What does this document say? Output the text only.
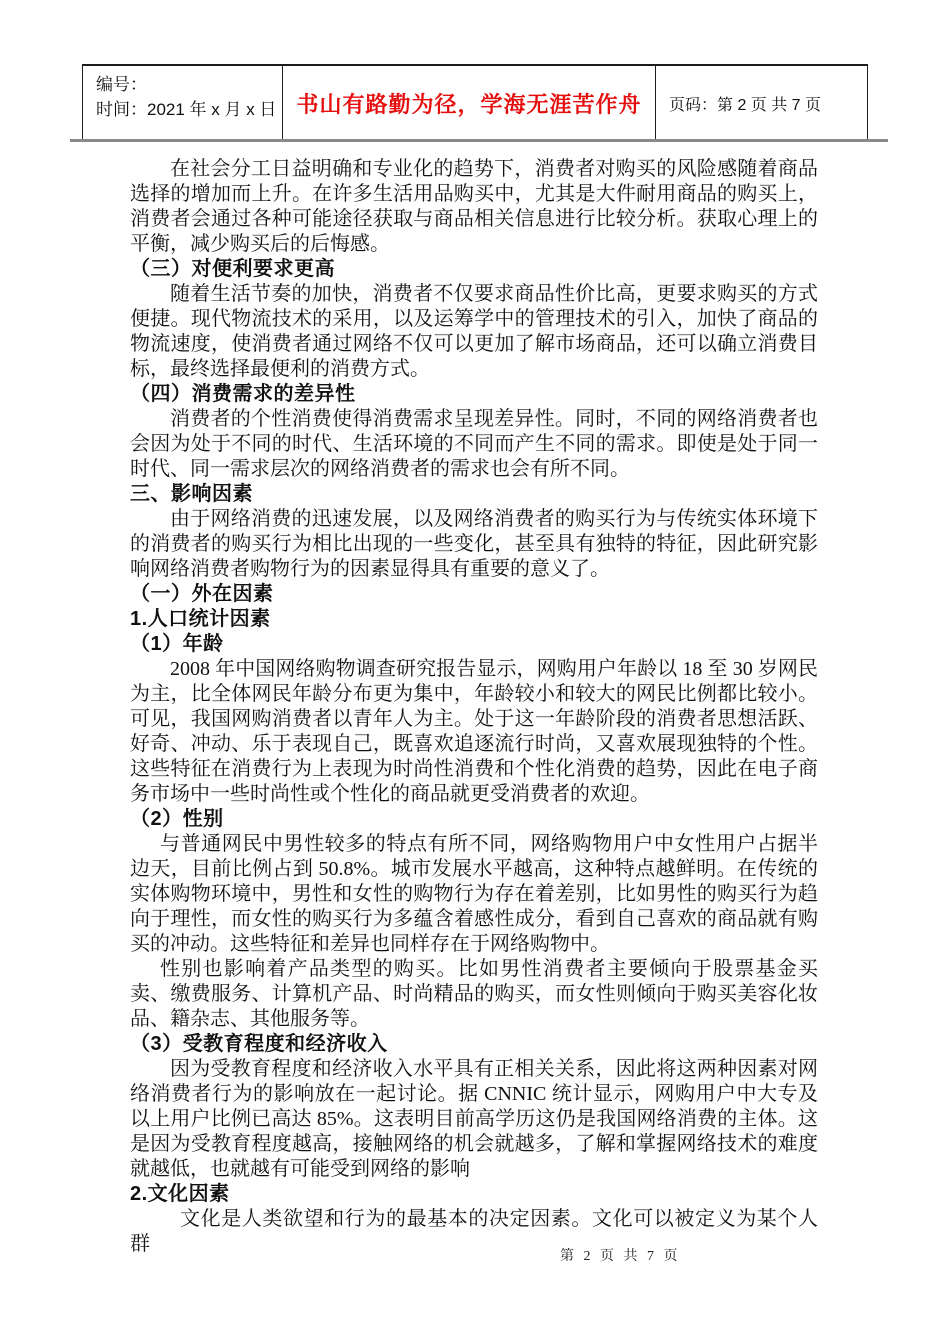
编号：
时间：2021 年 x 月 x 日 书山有路勤为径，学海无涯苦作舟 页码：第 2 页 共 7 页

在社会分工日益明确和专业化的趋势下，消费者对购买的风险感随着商品选择的增加而上升。在许多生活用品购买中，尤其是大件耐用商品的购买上，消费者会通过各种可能途径获取与商品相关信息进行比较分析。获取心理上的平衡，减少购买后的后悔感。

（三）对便利要求更高

随着生活节奏的加快，消费者不仅要求商品性价比高，更要求购买的方式便捷。现代物流技术的采用，以及运筹学中的管理技术的引入，加快了商品的物流速度，使消费者通过网络不仅可以更加了解市场商品，还可以确立消费目标，最终选择最便利的消费方式。

（四）消费需求的差异性

消费者的个性消费使得消费需求呈现差异性。同时，不同的网络消费者也会因为处于不同的时代、生活环境的不同而产生不同的需求。即使是处于同一时代、同一需求层次的网络消费者的需求也会有所不同。

三、影响因素

由于网络消费的迅速发展，以及网络消费者的购买行为与传统实体环境下的消费者的购买行为相比出现的一些变化，甚至具有独特的特征，因此研究影响网络消费者购物行为的因素显得具有重要的意义了。

（一）外在因素
1.人口统计因素
（1）年龄

2008 年中国网络购物调查研究报告显示，网购用户年龄以 18 至 30 岁网民为主，比全体网民年龄分布更为集中，年龄较小和较大的网民比例都比较小。可见，我国网购消费者以青年人为主。处于这一年龄阶段的消费者思想活跃、好奇、冲动、乐于表现自己，既喜欢追逐流行时尚，又喜欢展现独特的个性。这些特征在消费行为上表现为时尚性消费和个性化消费的趋势，因此在电子商务市场中一些时尚性或个性化的商品就更受消费者的欢迎。

（2）性别

与普通网民中男性较多的特点有所不同，网络购物用户中女性用户占据半边天，目前比例占到 50.8%。城市发展水平越高，这种特点越鲜明。在传统的实体购物环境中，男性和女性的购物行为存在着差别，比如男性的购买行为趋向于理性，而女性的购买行为多蕴含着感性成分，看到自己喜欢的商品就有购买的冲动。这些特征和差异也同样存在于网络购物中。

性别也影响着产品类型的购买。比如男性消费者主要倾向于股票基金买卖、缴费服务、计算机产品、时尚精品的购买，而女性则倾向于购买美容化妆品、籍杂志、其他服务等。

（3）受教育程度和经济收入

因为受教育程度和经济收入水平具有正相关关系，因此将这两种因素对网络消费者行为的影响放在一起讨论。据 CNNIC 统计显示，网购用户中大专及以上用户比例已高达 85%。这表明目前高学历这仍是我国网络消费的主体。这是因为受教育程度越高，接触网络的机会就越多，了解和掌握网络技术的难度就越低，也就越有可能受到网络的影响

2.文化因素

文化是人类欲望和行为的最基本的决定因素。文化可以被定义为某个人群

第 2 页 共 7 页
